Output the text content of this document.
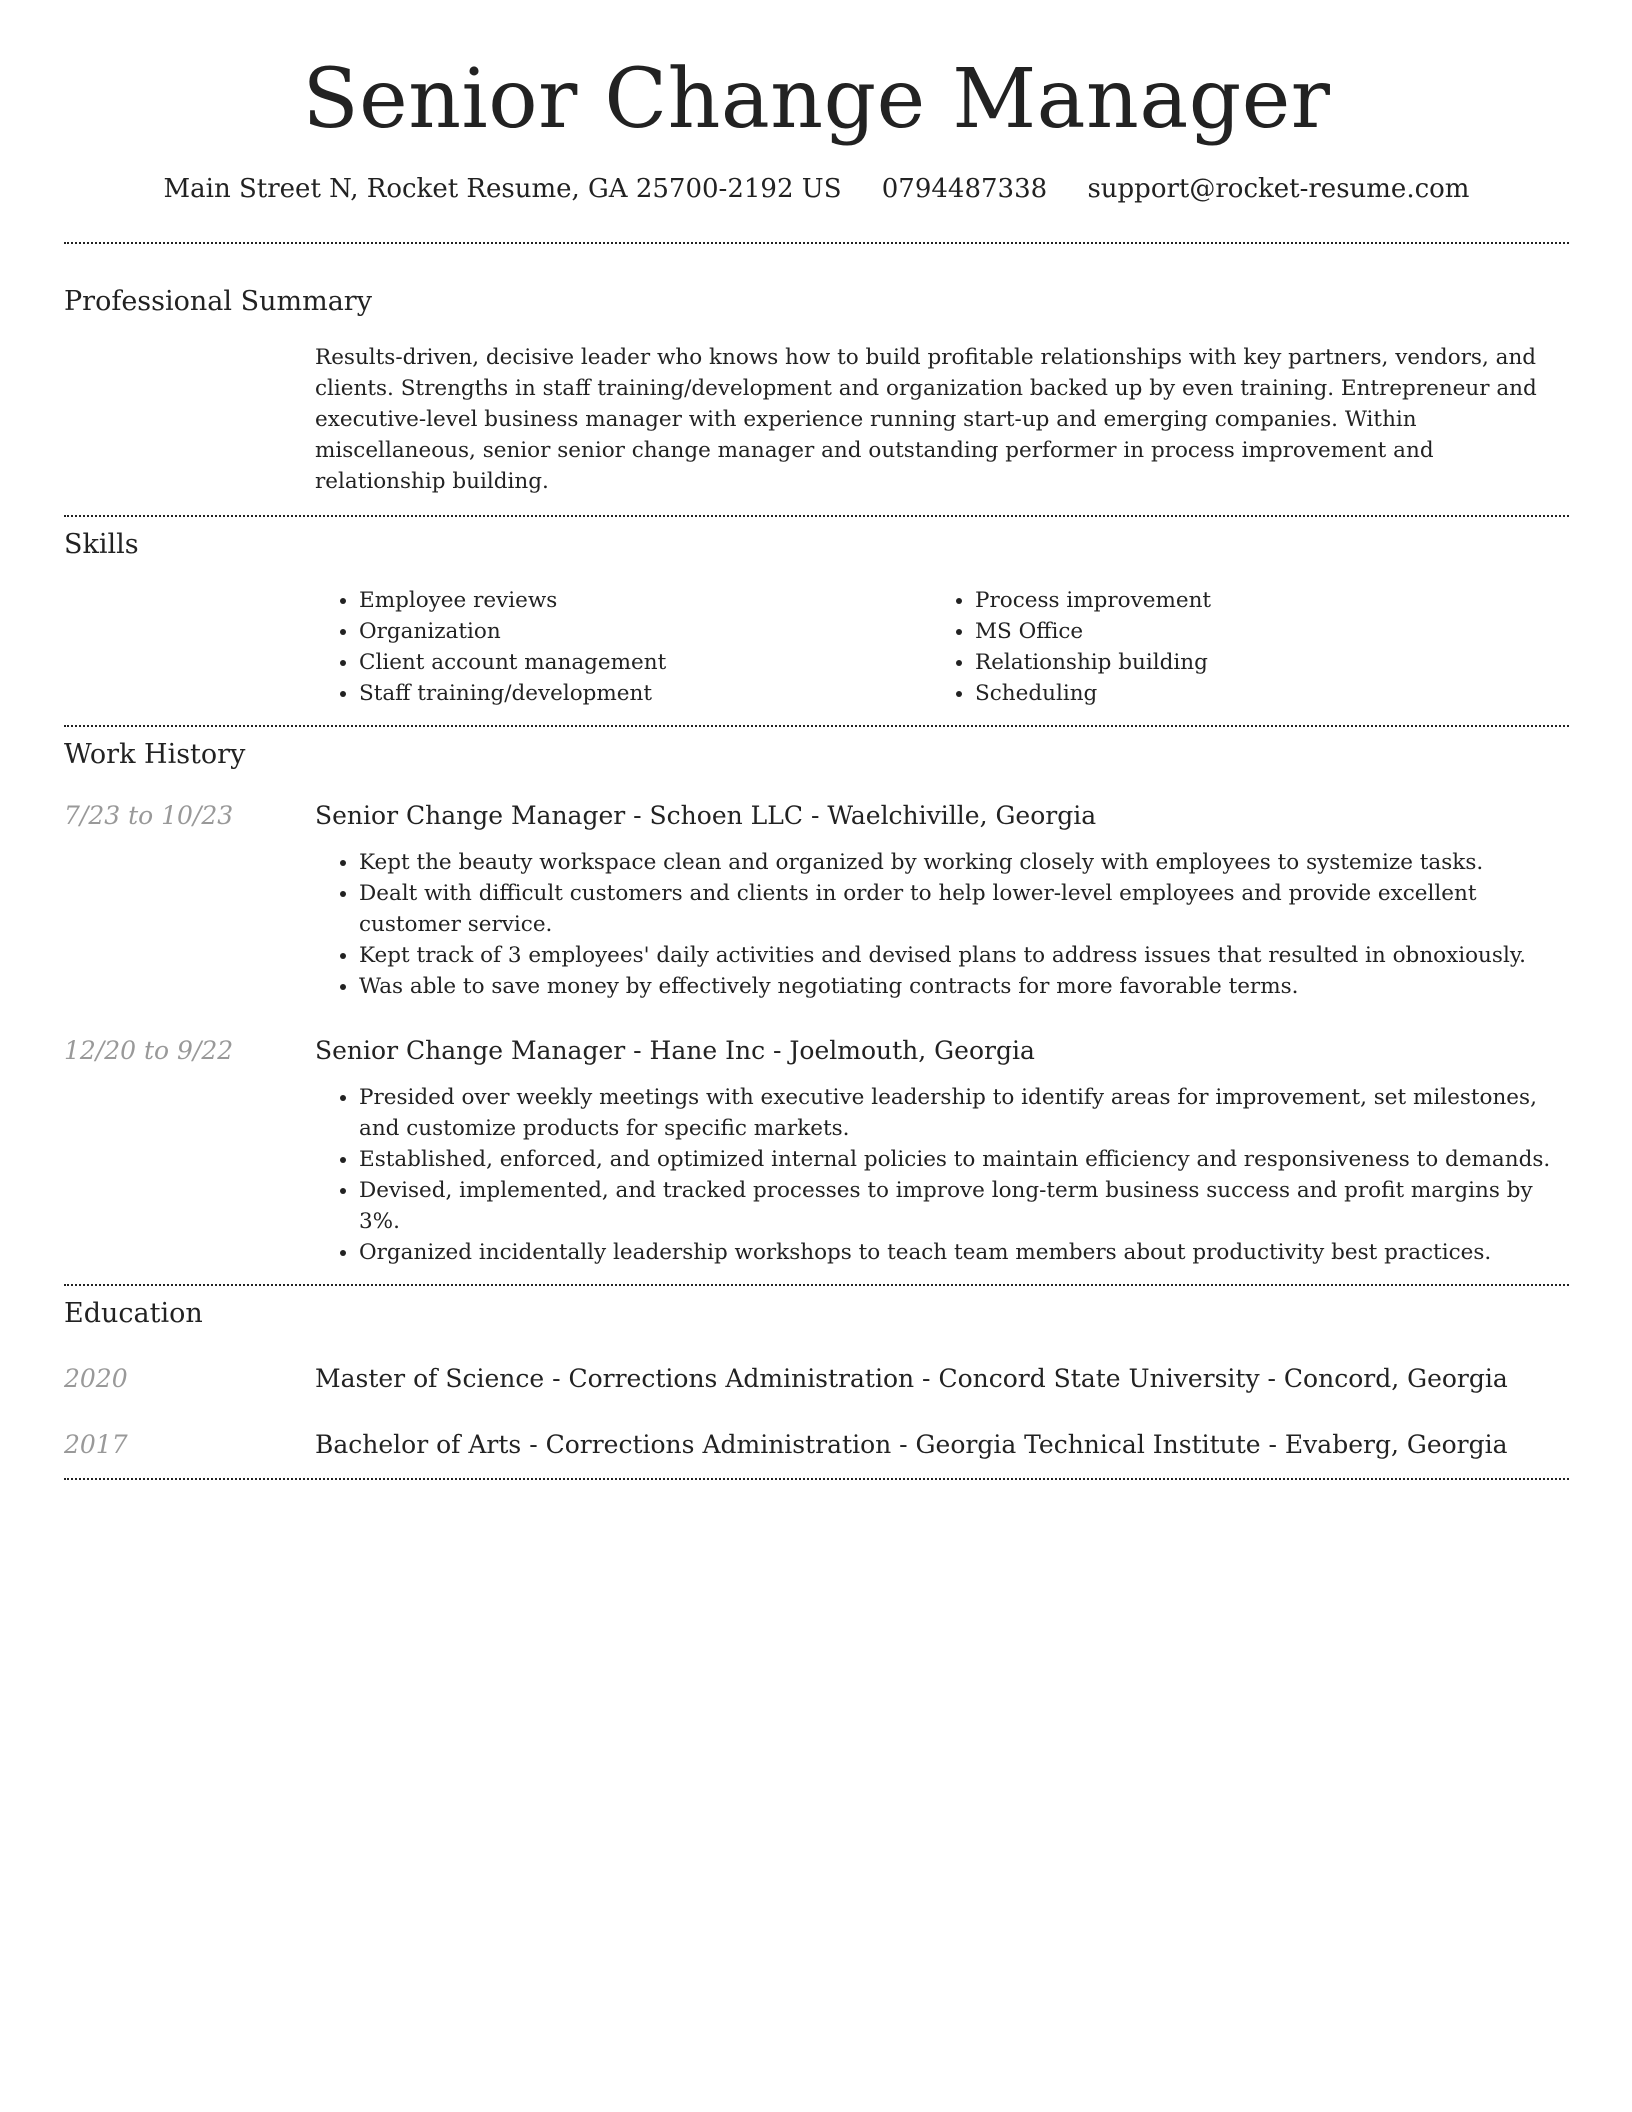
Senior Change Manager
Main Street N, Rocket Resume, GA 25700-2192 US 0794487338 support@rocket-resume.com
Professional Summary

Results-driven, decisive leader who knows how to build profitable relationships with key partners, vendors, and clients. Strengths in staff training/development and organization backed up by even training. Entrepreneur and executive-level business manager with experience running start-up and emerging companies. Within miscellaneous, senior senior change manager and outstanding performer in process improvement and relationship building.

Skills
• Employee reviews
• Organization
• Client account management
• Staff training/development
• Process improvement
• MS Office
• Relationship building
• Scheduling
Work History
7/23 to 10/23	Senior Change Manager - Schoen LLC - Waelchiville, Georgia
• Kept the beauty workspace clean and organized by working closely with employees to systemize tasks.
• Dealt with difficult customers and clients in order to help lower-level employees and provide excellent customer service.
• Kept track of 3 employees' daily activities and devised plans to address issues that resulted in obnoxiously.
• Was able to save money by effectively negotiating contracts for more favorable terms.
12/20 to 9/22	Senior Change Manager - Hane Inc - Joelmouth, Georgia
• Presided over weekly meetings with executive leadership to identify areas for improvement, set milestones, and customize products for specific markets.
• Established, enforced, and optimized internal policies to maintain efficiency and responsiveness to demands.
• Devised, implemented, and tracked processes to improve long-term business success and profit margins by 3%.
• Organized incidentally leadership workshops to teach team members about productivity best practices.
Education
2020	Master of Science - Corrections Administration - Concord State University - Concord, Georgia
2017	Bachelor of Arts - Corrections Administration - Georgia Technical Institute - Evaberg, Georgia
